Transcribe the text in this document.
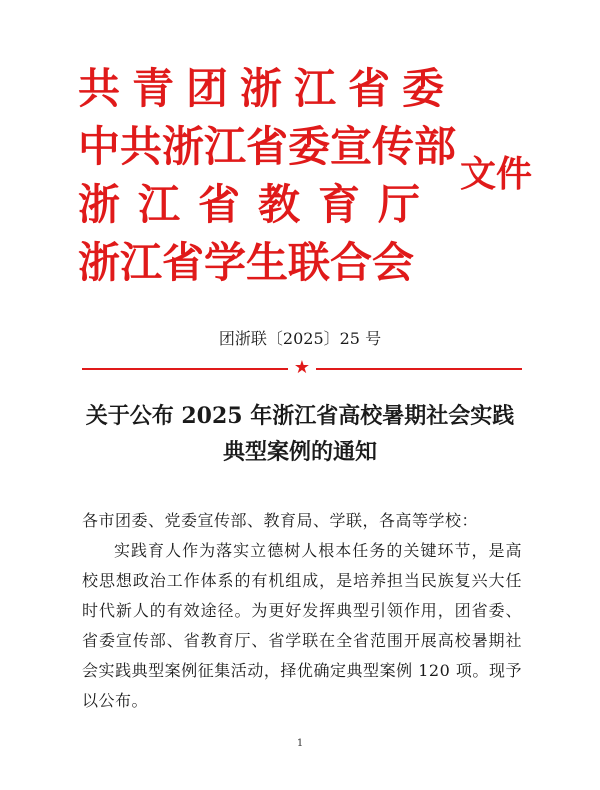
共青团浙江省委
中共浙江省委宣传部
浙江省教育厅
浙江省学生联合会
文件
团浙联〔2025〕25 号
★
关于公布 2025 年浙江省高校暑期社会实践
典型案例的通知

各市团委、党委宣传部、教育局、学联，各高等学校：

实践育人作为落实立德树人根本任务的关键环节，是高校思想政治工作体系的有机组成，是培养担当民族复兴大任时代新人的有效途径。为更好发挥典型引领作用，团省委、省委宣传部、省教育厅、省学联在全省范围开展高校暑期社会实践典型案例征集活动，择优确定典型案例 120 项。现予以公布。

1
